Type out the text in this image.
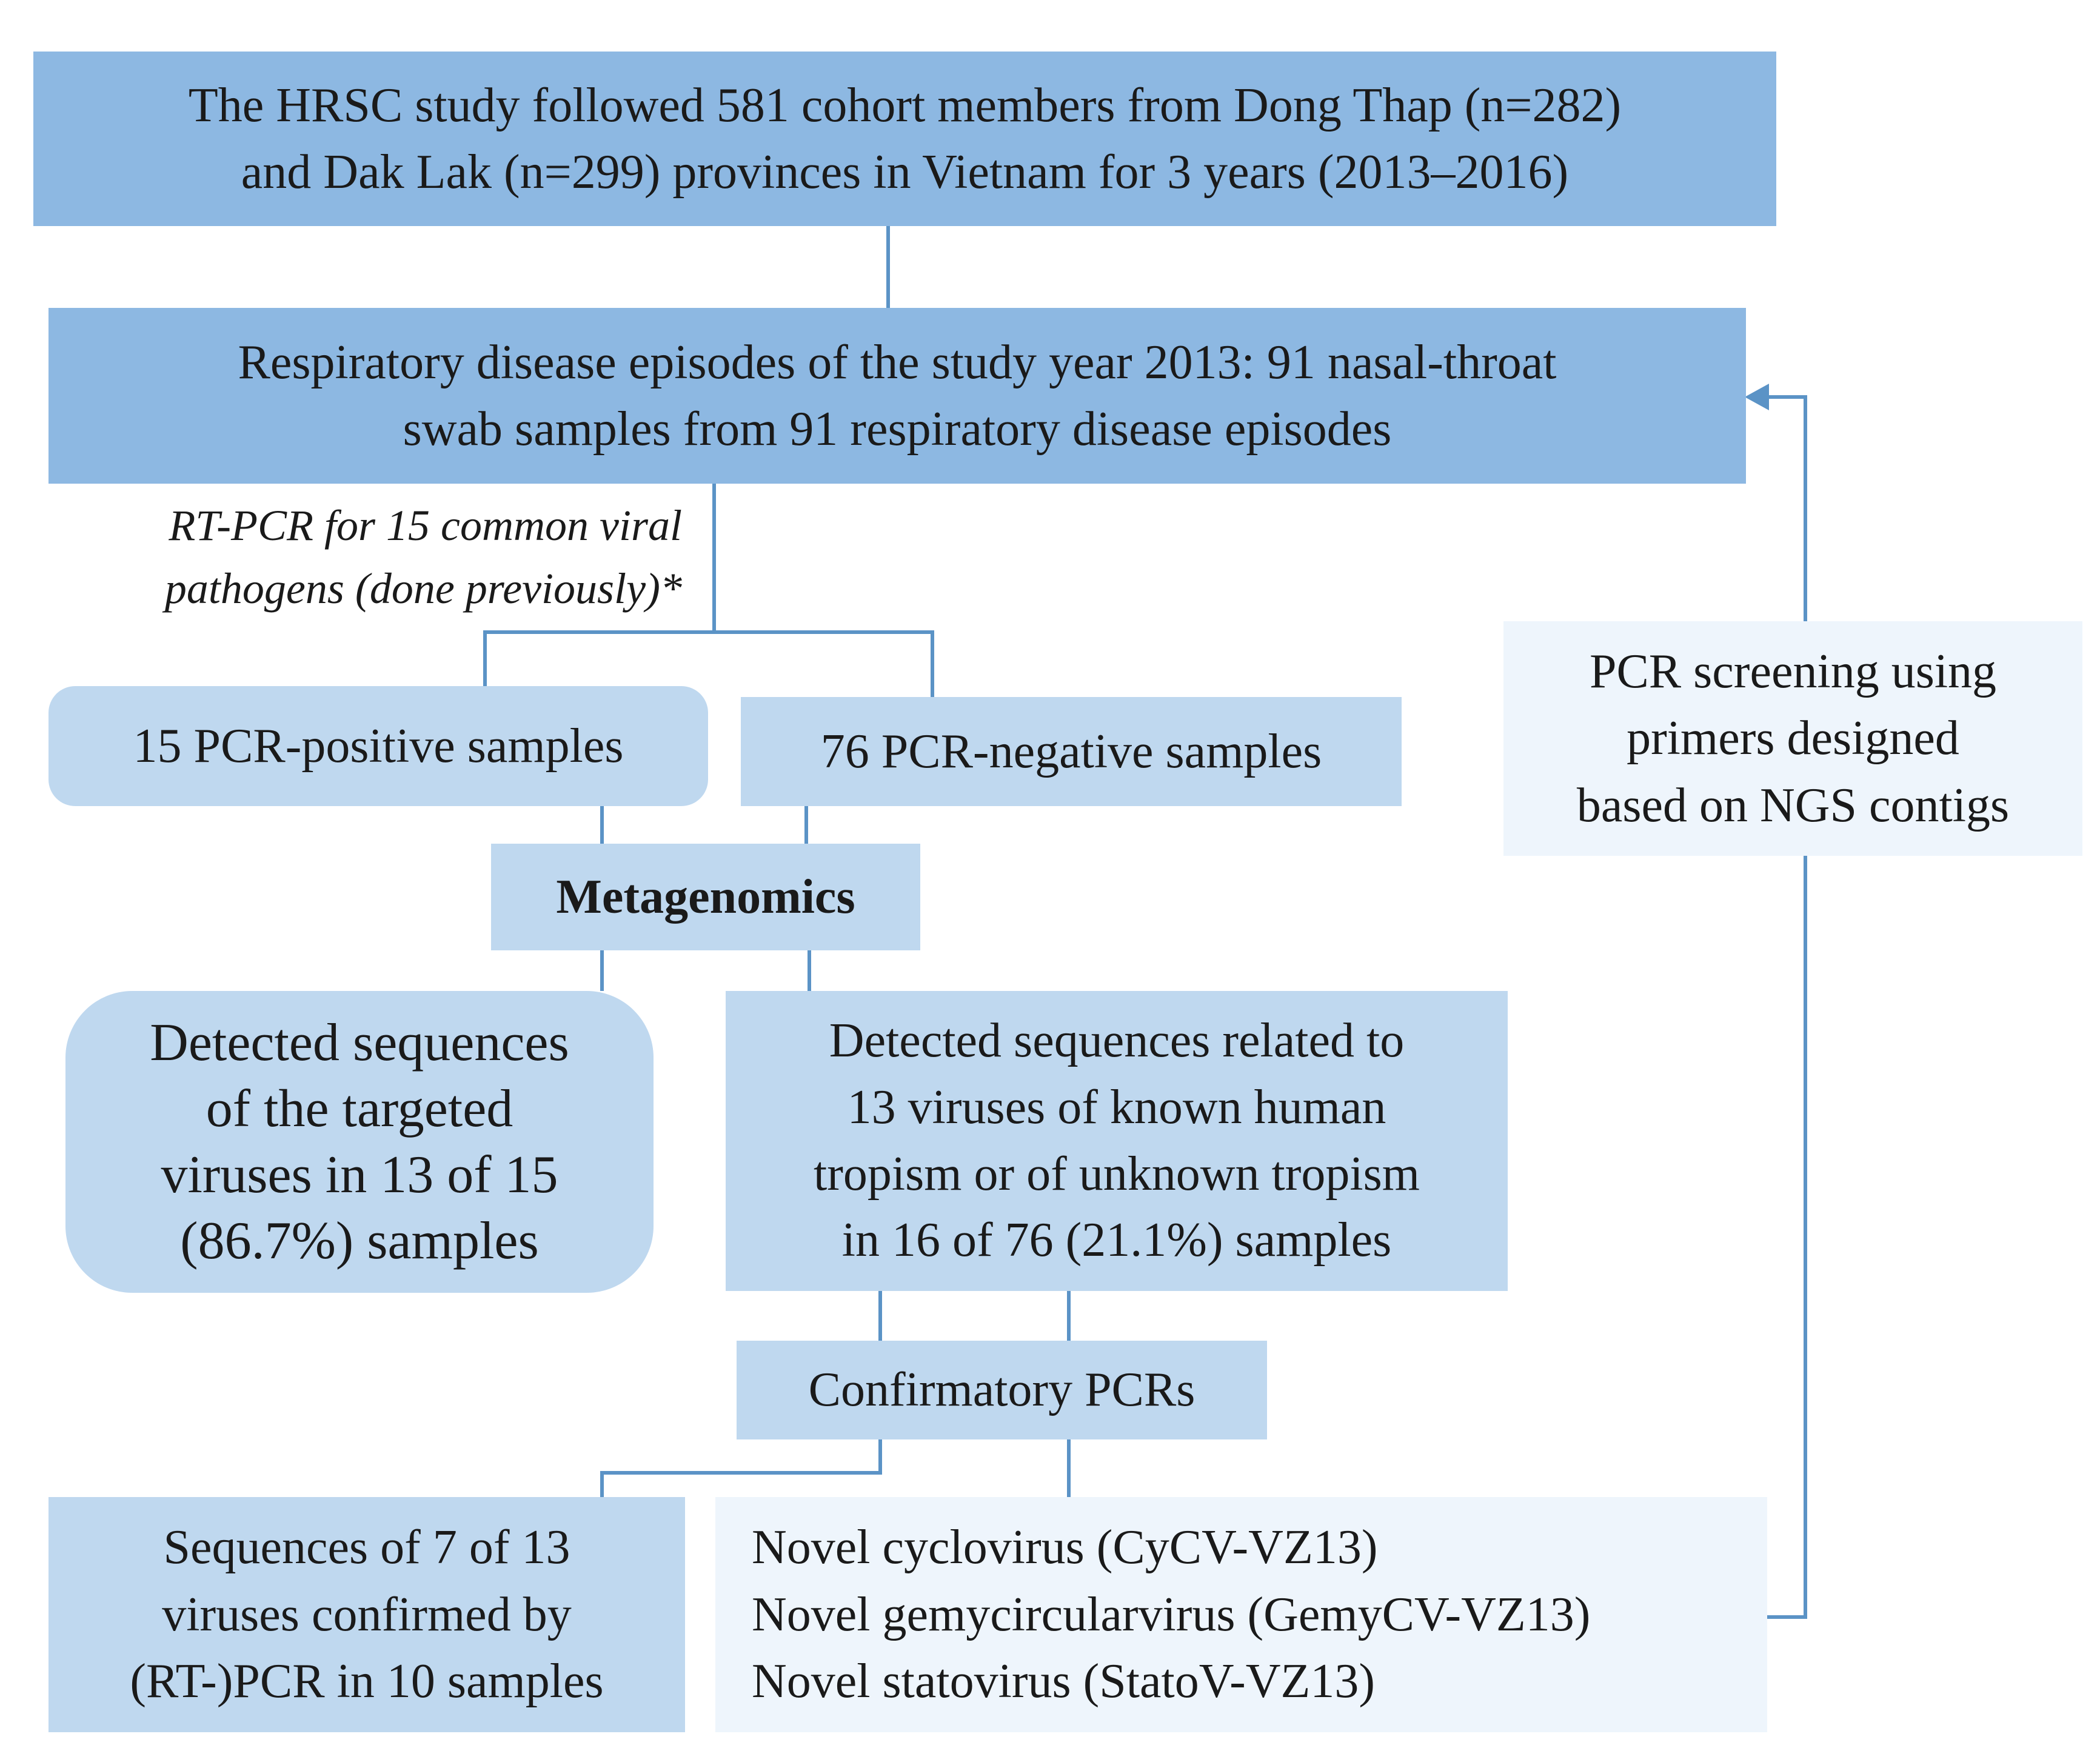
The HRSC study followed 581 cohort members from Dong Thap (n=282)
and Dak Lak (n=299) provinces in Vietnam for 3 years (2013–2016)
Respiratory disease episodes of the study year 2013: 91 nasal-throat
swab samples from 91 respiratory disease episodes
RT-PCR for 15 common viral
pathogens (done previously)*
15 PCR-positive samples	76 PCR-negative samples
Metagenomics
Detected sequences
of the targeted
viruses in 13 of 15
(86.7%) samples
Detected sequences related to
13 viruses of known human
tropism or of unknown tropism
in 16 of 76 (21.1%) samples
Confirmatory PCRs
Sequences of 7 of 13
viruses confirmed by
(RT-)PCR in 10 samples
Novel cyclovirus (CyCV-VZ13)
Novel gemycircularvirus (GemyCV-VZ13)
Novel statovirus (StatoV-VZ13)
PCR screening using
primers designed
based on NGS contigs
